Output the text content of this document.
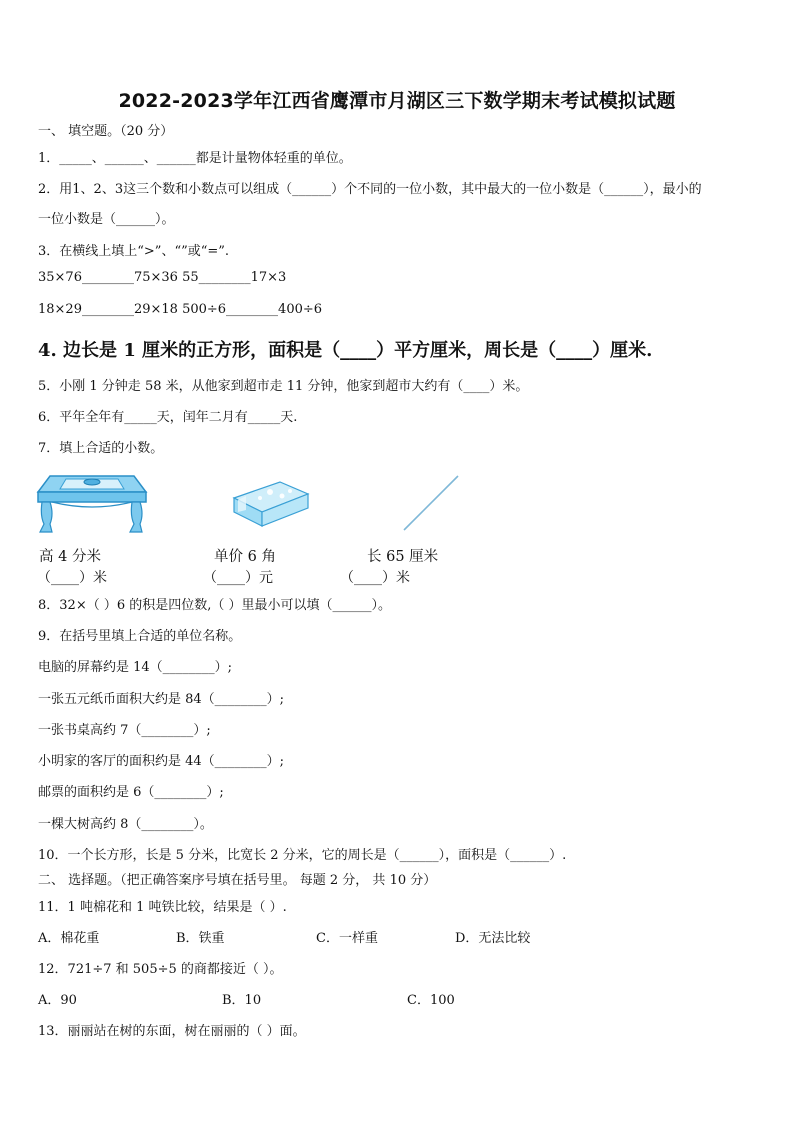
2022-2023学年江西省鹰潭市月湖区三下数学期末考试模拟试题
一、 填空题。（20 分）
1．_____、______、______都是计量物体轻重的单位。
2．用1、2、3这三个数和小数点可以组成（______）个不同的一位小数，其中最大的一位小数是（______），最小的
一位小数是（______）。
3．在横线上填上“>”、“”或“=”.
35×76________75×36 55________17×3
18×29________29×18 500÷6________400÷6
4. 边长是 1 厘米的正方形，面积是（____）平方厘米，周长是（____）厘米.
5．小刚 1 分钟走 58 米，从他家到超市走 11 分钟，他家到超市大约有（____）米。
6．平年全年有_____天，闰年二月有_____天.
7．填上合适的小数。
高 4 分米	单价 6 角	长 65 厘米
（____）米	（____）元	（____）米
8．32×（ ）6 的积是四位数,（ ）里最小可以填（______）。
9．在括号里填上合适的单位名称。
电脑的屏幕约是 14（________）;
一张五元纸币面积大约是 84（________）;
一张书桌高约 7（________）;
小明家的客厅的面积约是 44（________）;
邮票的面积约是 6（________）;
一棵大树高约 8（________）。
10．一个长方形，长是 5 分米，比宽长 2 分米，它的周长是（______），面积是（______）.
二、 选择题。（把正确答案序号填在括号里。 每题 2 分， 共 10 分）
11．1 吨棉花和 1 吨铁比较，结果是（ ）.
A．棉花重	B．铁重	C．一样重	D．无法比较
12．721÷7 和 505÷5 的商都接近（ ）。
A．90	B．10	C．100
13．丽丽站在树的东面，树在丽丽的（ ）面。
